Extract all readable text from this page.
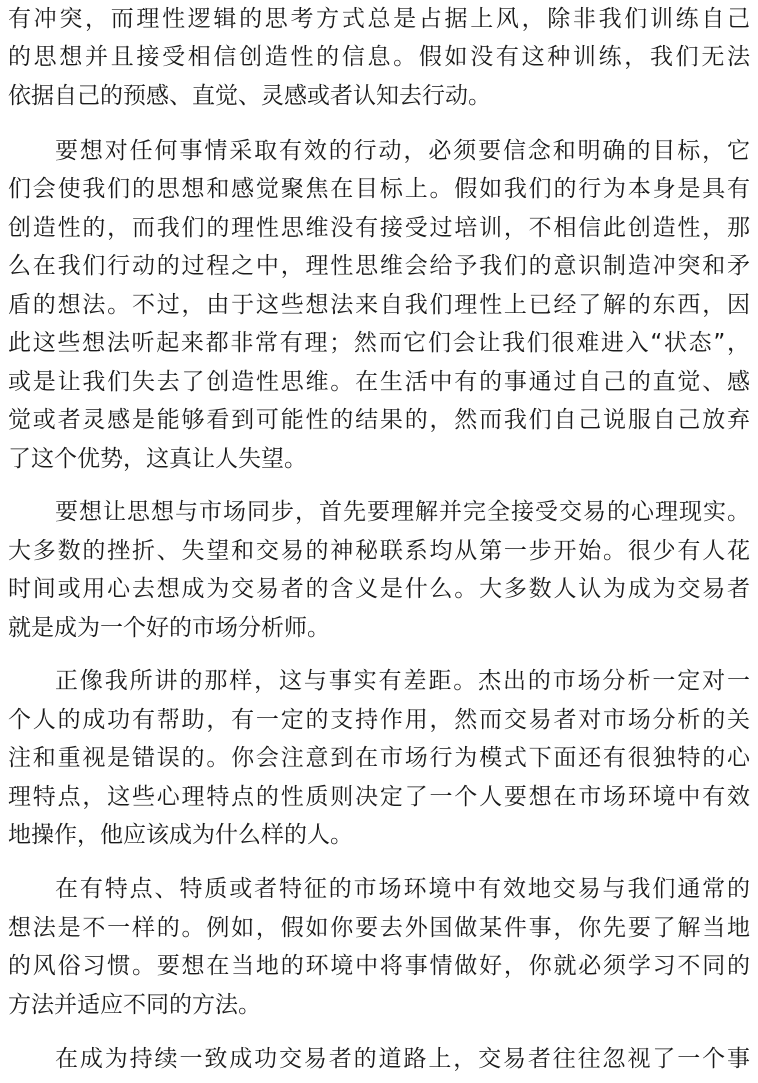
有冲突，而理性逻辑的思考方式总是占据上风，除非我们训练自己
的思想并且接受相信创造性的信息。假如没有这种训练，我们无法
依据自己的预感、直觉、灵感或者认知去行动。
要想对任何事情采取有效的行动，必须要信念和明确的目标，它
们会使我们的思想和感觉聚焦在目标上。假如我们的行为本身是具有
创造性的，而我们的理性思维没有接受过培训，不相信此创造性，那
么在我们行动的过程之中，理性思维会给予我们的意识制造冲突和矛
盾的想法。不过，由于这些想法来自我们理性上已经了解的东西，因
此这些想法听起来都非常有理；然而它们会让我们很难进入“状态”，
或是让我们失去了创造性思维。在生活中有的事通过自己的直觉、感
觉或者灵感是能够看到可能性的结果的，然而我们自己说服自己放弃
了这个优势，这真让人失望。
要想让思想与市场同步，首先要理解并完全接受交易的心理现实。
大多数的挫折、失望和交易的神秘联系均从第一步开始。很少有人花
时间或用心去想成为交易者的含义是什么。大多数人认为成为交易者
就是成为一个好的市场分析师。
正像我所讲的那样，这与事实有差距。杰出的市场分析一定对一
个人的成功有帮助，有一定的支持作用，然而交易者对市场分析的关
注和重视是错误的。你会注意到在市场行为模式下面还有很独特的心
理特点，这些心理特点的性质则决定了一个人要想在市场环境中有效
地操作，他应该成为什么样的人。
在有特点、特质或者特征的市场环境中有效地交易与我们通常的
想法是不一样的。例如，假如你要去外国做某件事，你先要了解当地
的风俗习惯。要想在当地的环境中将事情做好，你就必须学习不同的
方法并适应不同的方法。
在成为持续一致成功交易者的道路上，交易者往往忽视了一个事
